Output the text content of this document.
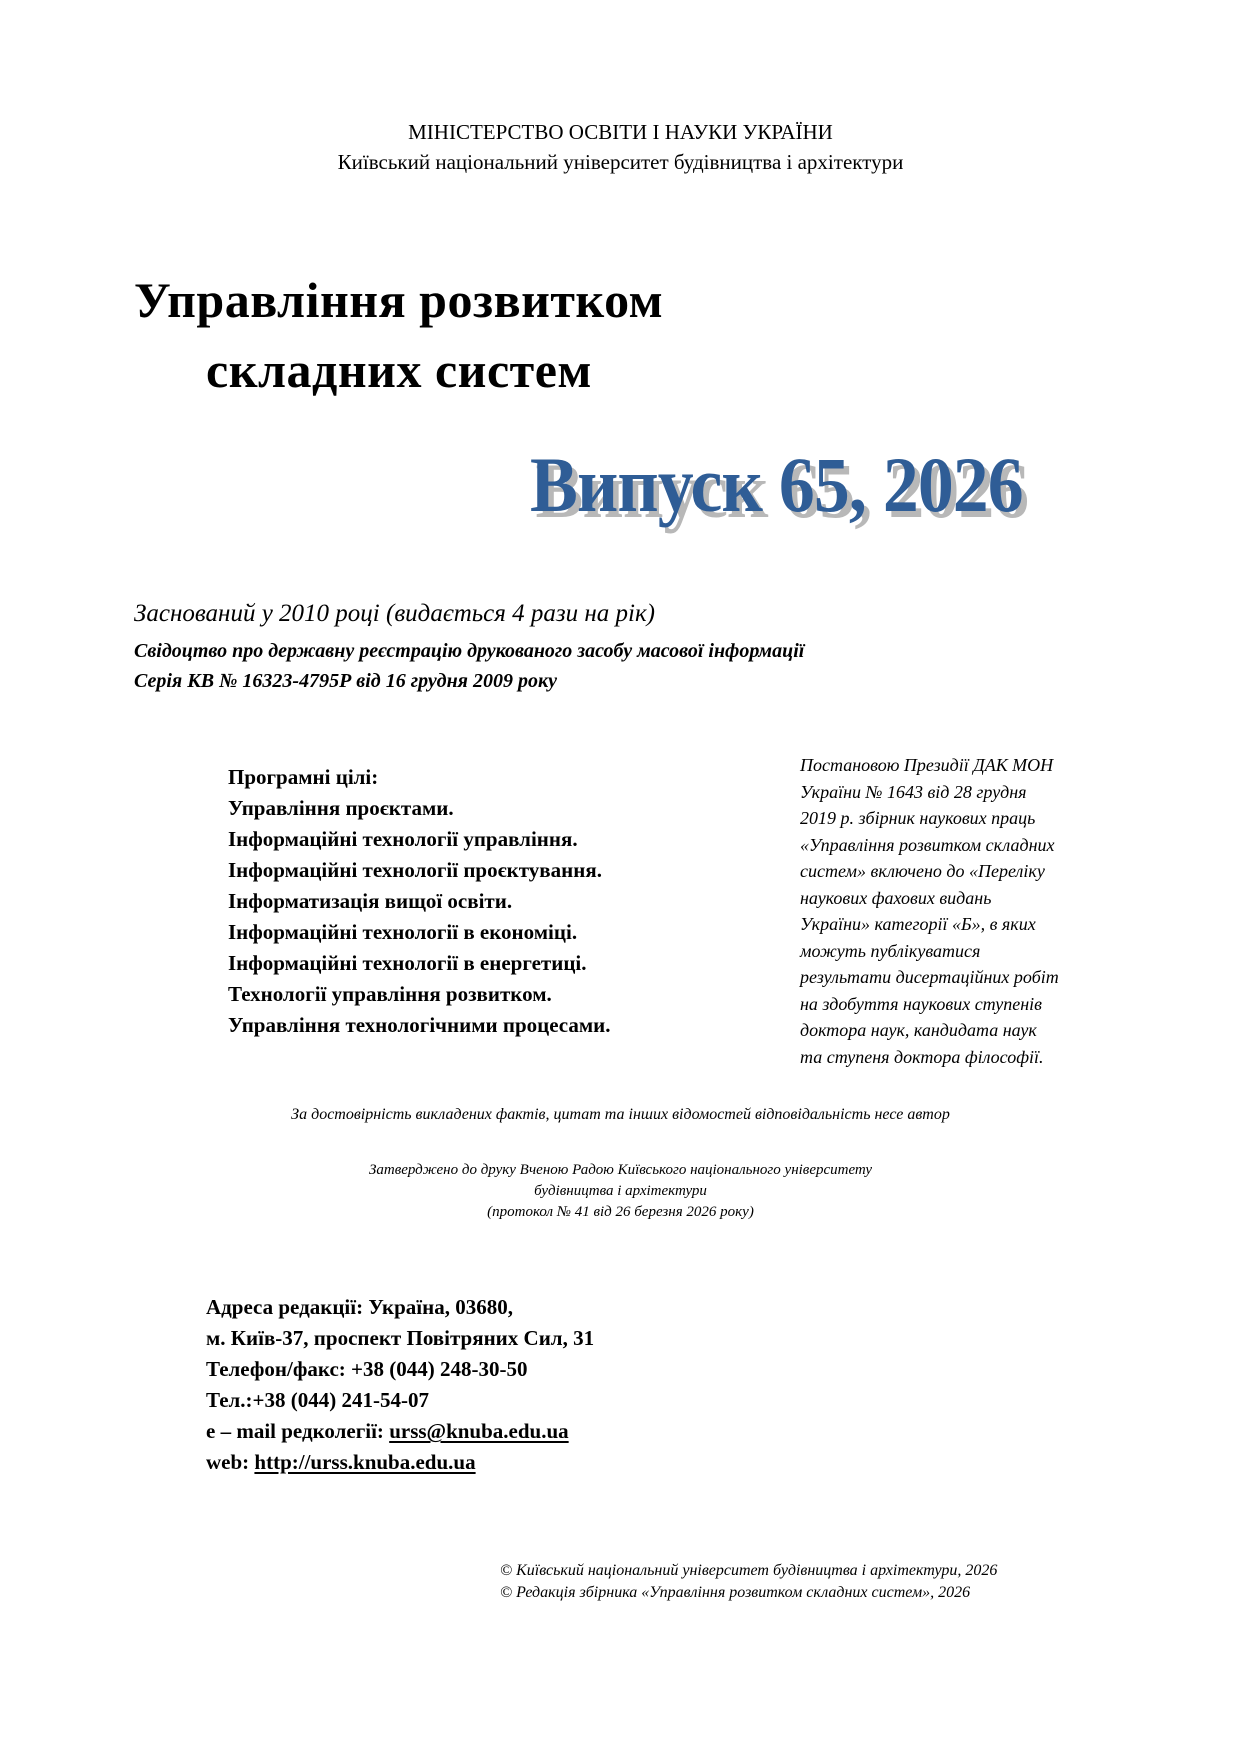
МІНІСТЕРСТВО ОСВІТИ І НАУКИ УКРАЇНИ
Київський національний університет будівництва і архітектури
Управління розвитком
складних систем
Випуск 65, 2026
Заснований у 2010 році (видається 4 рази на рік)
Свідоцтво про державну реєстрацію друкованого засобу масової інформації
Серія КВ № 16323-4795Р від 16 грудня 2009 року
Програмні цілі:
Управління проєктами.
Інформаційні технології управління.
Інформаційні технології проєктування.
Інформатизація вищої освіти.
Інформаційні технології в економіці.
Інформаційні технології в енергетиці.
Технології управління розвитком.
Управління технологічними процесами.
Постановою Президії ДАК МОН
України № 1643 від 28 грудня
2019 р. збірник наукових праць
«Управління розвитком складних
систем» включено до «Переліку
наукових фахових видань
України» категорії «Б», в яких
можуть публікуватися
результати дисертаційних робіт
на здобуття наукових ступенів
доктора наук, кандидата наук
та ступеня доктора філософії.
За достовірність викладених фактів, цитат та інших відомостей відповідальність несе автор
Затверджено до друку Вченою Радою Київського національного університету
будівництва і архітектури
(протокол № 41 від 26 березня 2026 року)
Адреса редакції: Україна, 03680,
м. Київ-37, проспект Повітряних Сил, 31
Телефон/факс: +38 (044) 248-30-50
Тел.:+38 (044) 241-54-07
e – mail редколегії: urss@knuba.edu.ua
web: http://urss.knuba.edu.ua
© Київський національний університет будівництва і архітектури, 2026
© Редакція збірника «Управління розвитком складних систем», 2026
